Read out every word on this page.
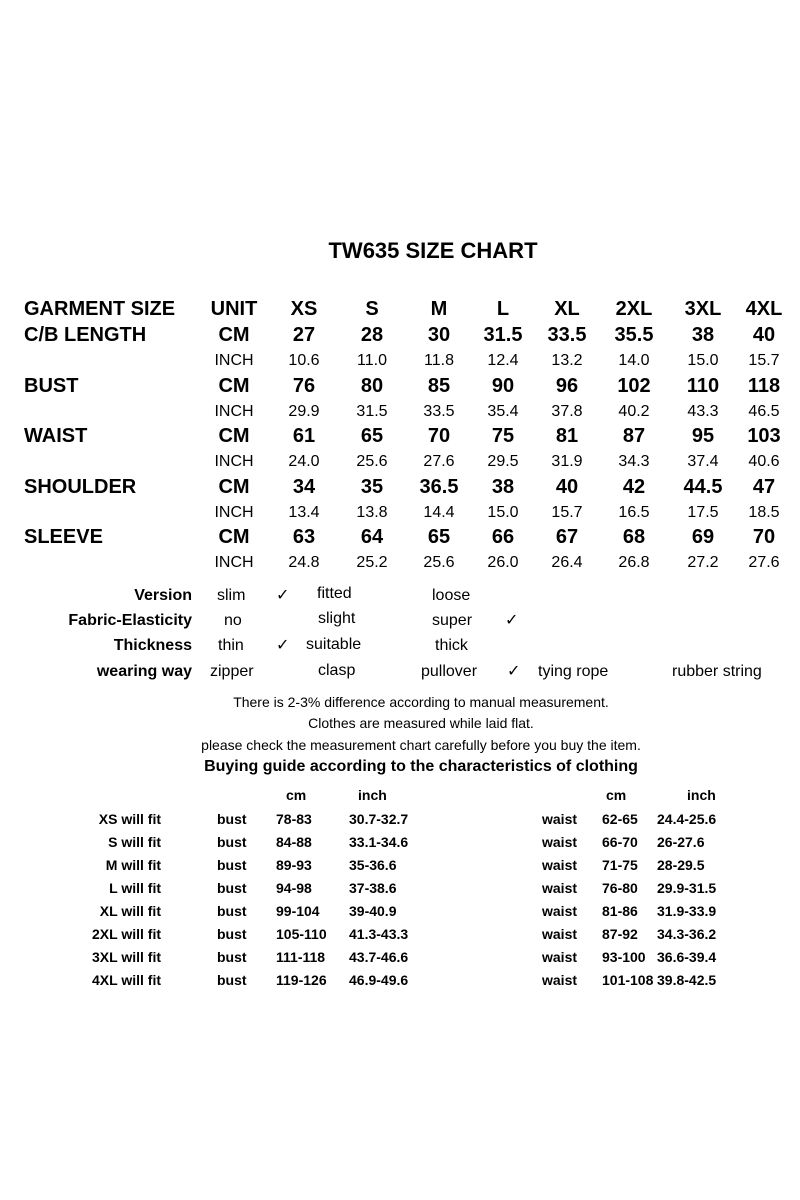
TW635 SIZE CHART
GARMENT SIZE	UNIT	XS	S	M	L	XL	2XL	3XL	4XL
C/B LENGTH	CM	27	28	30	31.5	33.5	35.5	38	40
INCH	10.6	11.0	11.8	12.4	13.2	14.0	15.0	15.7
BUST	CM	76	80	85	90	96	102	110	118
INCH	29.9	31.5	33.5	35.4	37.8	40.2	43.3	46.5
WAIST	CM	61	65	70	75	81	87	95	103
INCH	24.0	25.6	27.6	29.5	31.9	34.3	37.4	40.6
SHOULDER	CM	34	35	36.5	38	40	42	44.5	47
INCH	13.4	13.8	14.4	15.0	15.7	16.5	17.5	18.5
SLEEVE	CM	63	64	65	66	67	68	69	70
INCH	24.8	25.2	25.6	26.0	26.4	26.8	27.2	27.6
Version slim ✓ fitted	loose
Fabric-Elasticity no	slight	super ✓
Thickness thin ✓ suitable	thick
wearing way zipper	clasp	pullover ✓ tying rope	rubber string
There is 2-3% difference according to manual measurement.
Clothes are measured while laid flat.
please check the measurement chart carefully before you buy the item.
Buying guide according to the characteristics of clothing
cm	inch	cm	inch
XS will fit	bust 78-83	30.7-32.7	waist 62-65 24.4-25.6
S will fit	bust 84-88	33.1-34.6	waist 66-70 26-27.6
M will fit	bust 89-93	35-36.6	waist 71-75 28-29.5
L will fit	bust 94-98	37-38.6	waist 76-80 29.9-31.5
XL will fit	bust 99-104 39-40.9	waist 81-86 31.9-33.9
2XL will fit	bust 105-110 41.3-43.3	waist 87-92 34.3-36.2
3XL will fit	bust 111-118 43.7-46.6	waist 93-100 36.6-39.4
4XL will fit	bust 119-126 46.9-49.6	waist 101-108 39.8-42.5
